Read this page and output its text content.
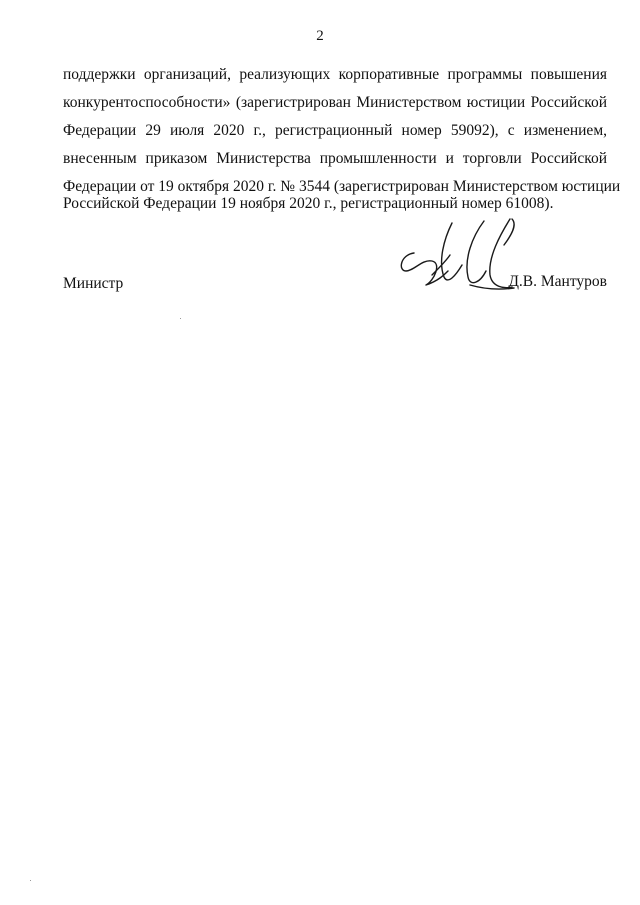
2
поддержки организаций, реализующих корпоративные программы повышения
конкурентоспособности» (зарегистрирован Министерством юстиции Российской
Федерации 29 июля 2020 г., регистрационный номер 59092), с изменением,
внесенным приказом Министерства промышленности и торговли Российской
Федерации от 19 октября 2020 г. № 3544 (зарегистрирован Министерством юстиции
Российской Федерации 19 ноября 2020 г., регистрационный номер 61008).
Министр	Д.В. Мантуров
